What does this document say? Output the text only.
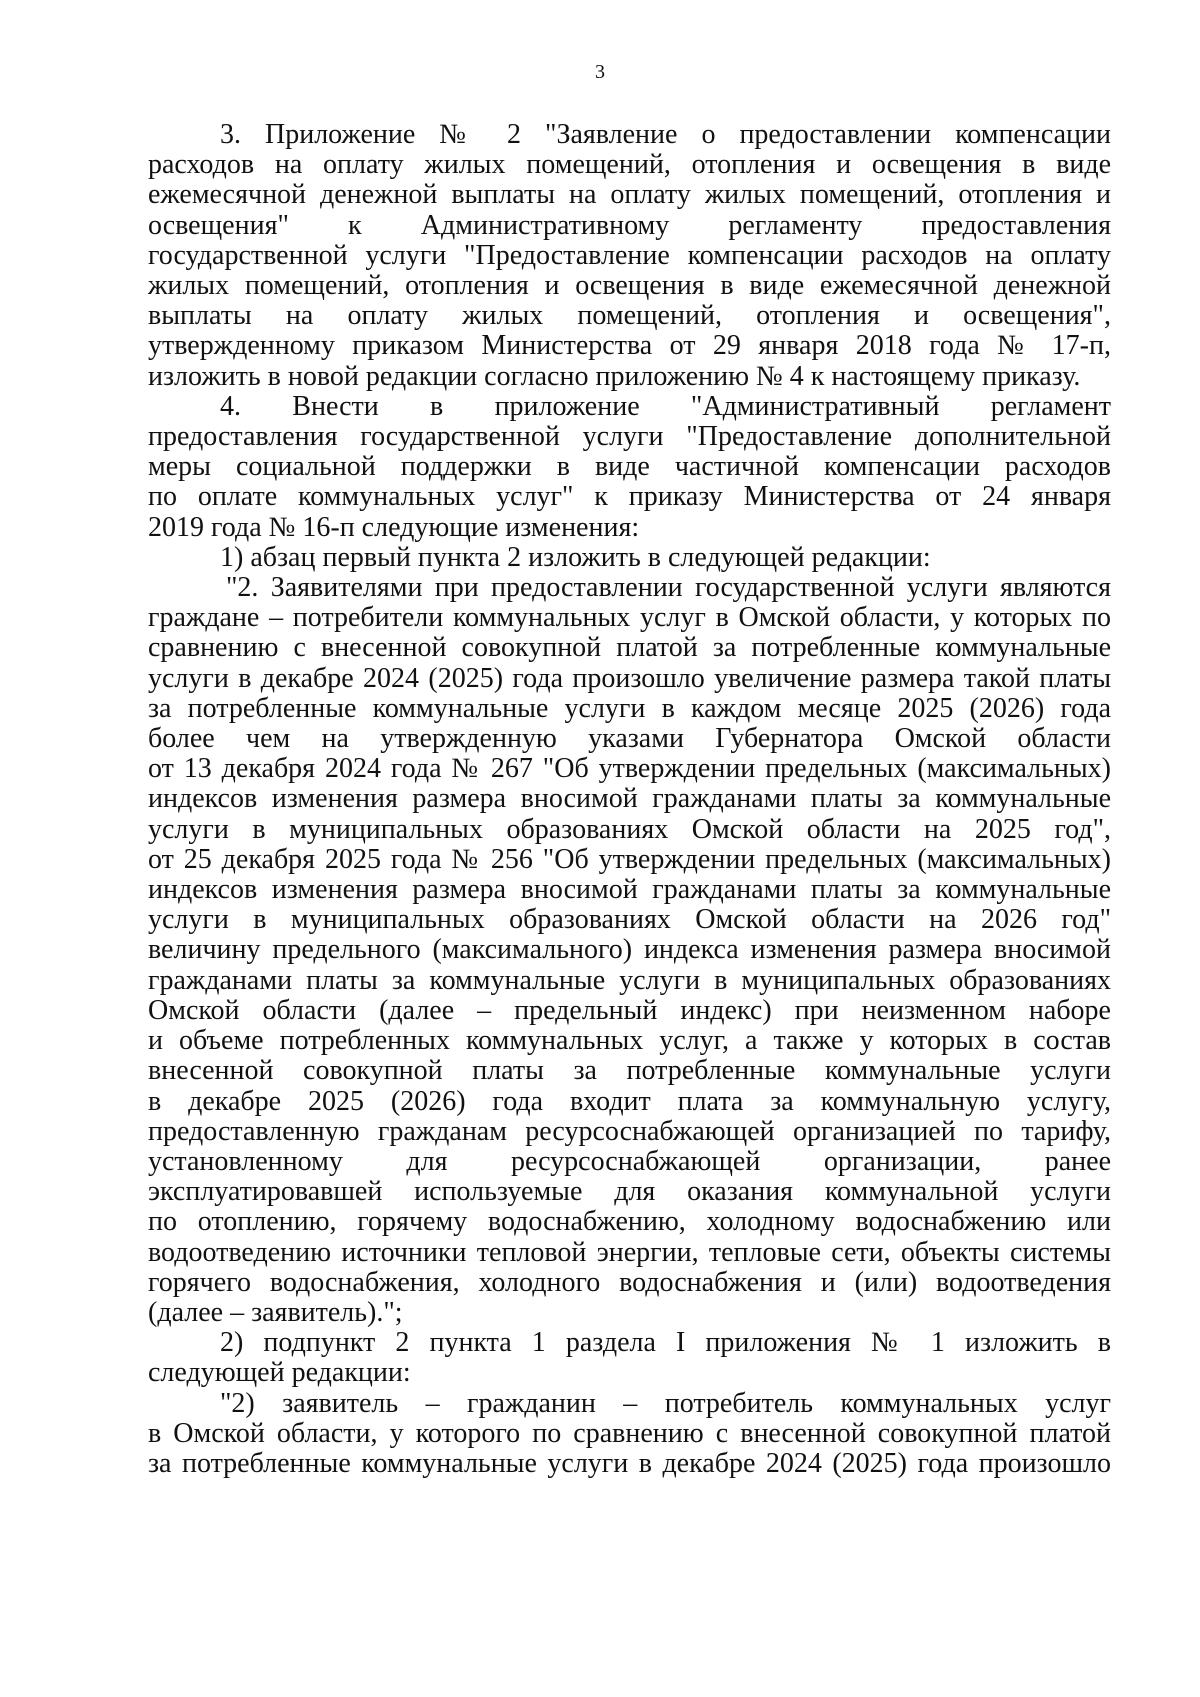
3
3. Приложение № 2 "Заявление о предоставлении компенсации
расходов на оплату жилых помещений, отопления и освещения в виде
ежемесячной денежной выплаты на оплату жилых помещений, отопления и
освещения" к Административному регламенту предоставления
государственной услуги "Предоставление компенсации расходов на оплату
жилых помещений, отопления и освещения в виде ежемесячной денежной
выплаты на оплату жилых помещений, отопления и освещения",
утвержденному приказом Министерства от 29 января 2018 года № 17-п,
изложить в новой редакции согласно приложению № 4 к настоящему приказу.
4. Внести в приложение "Административный регламент
предоставления государственной услуги "Предоставление дополнительной
меры социальной поддержки в виде частичной компенсации расходов
по оплате коммунальных услуг" к приказу Министерства от 24 января
2019 года № 16-п следующие изменения:
1) абзац первый пункта 2 изложить в следующей редакции:
"2. Заявителями при предоставлении государственной услуги являются
граждане – потребители коммунальных услуг в Омской области, у которых по
сравнению с внесенной совокупной платой за потребленные коммунальные
услуги в декабре 2024 (2025) года произошло увеличение размера такой платы
за потребленные коммунальные услуги в каждом месяце 2025 (2026) года
более чем на утвержденную указами Губернатора Омской области
от 13 декабря 2024 года № 267 "Об утверждении предельных (максимальных)
индексов изменения размера вносимой гражданами платы за коммунальные
услуги в муниципальных образованиях Омской области на 2025 год",
от 25 декабря 2025 года № 256 "Об утверждении предельных (максимальных)
индексов изменения размера вносимой гражданами платы за коммунальные
услуги в муниципальных образованиях Омской области на 2026 год"
величину предельного (максимального) индекса изменения размера вносимой
гражданами платы за коммунальные услуги в муниципальных образованиях
Омской области (далее – предельный индекс) при неизменном наборе
и объеме потребленных коммунальных услуг, а также у которых в состав
внесенной совокупной платы за потребленные коммунальные услуги
в декабре 2025 (2026) года входит плата за коммунальную услугу,
предоставленную гражданам ресурсоснабжающей организацией по тарифу,
установленному для ресурсоснабжающей организации, ранее
эксплуатировавшей используемые для оказания коммунальной услуги
по отоплению, горячему водоснабжению, холодному водоснабжению или
водоотведению источники тепловой энергии, тепловые сети, объекты системы
горячего водоснабжения, холодного водоснабжения и (или) водоотведения
(далее – заявитель).";
2) подпункт 2 пункта 1 раздела I приложения № 1 изложить в
следующей редакции:
"2) заявитель – гражданин – потребитель коммунальных услуг
в Омской области, у которого по сравнению с внесенной совокупной платой
за потребленные коммунальные услуги в декабре 2024 (2025) года произошло
